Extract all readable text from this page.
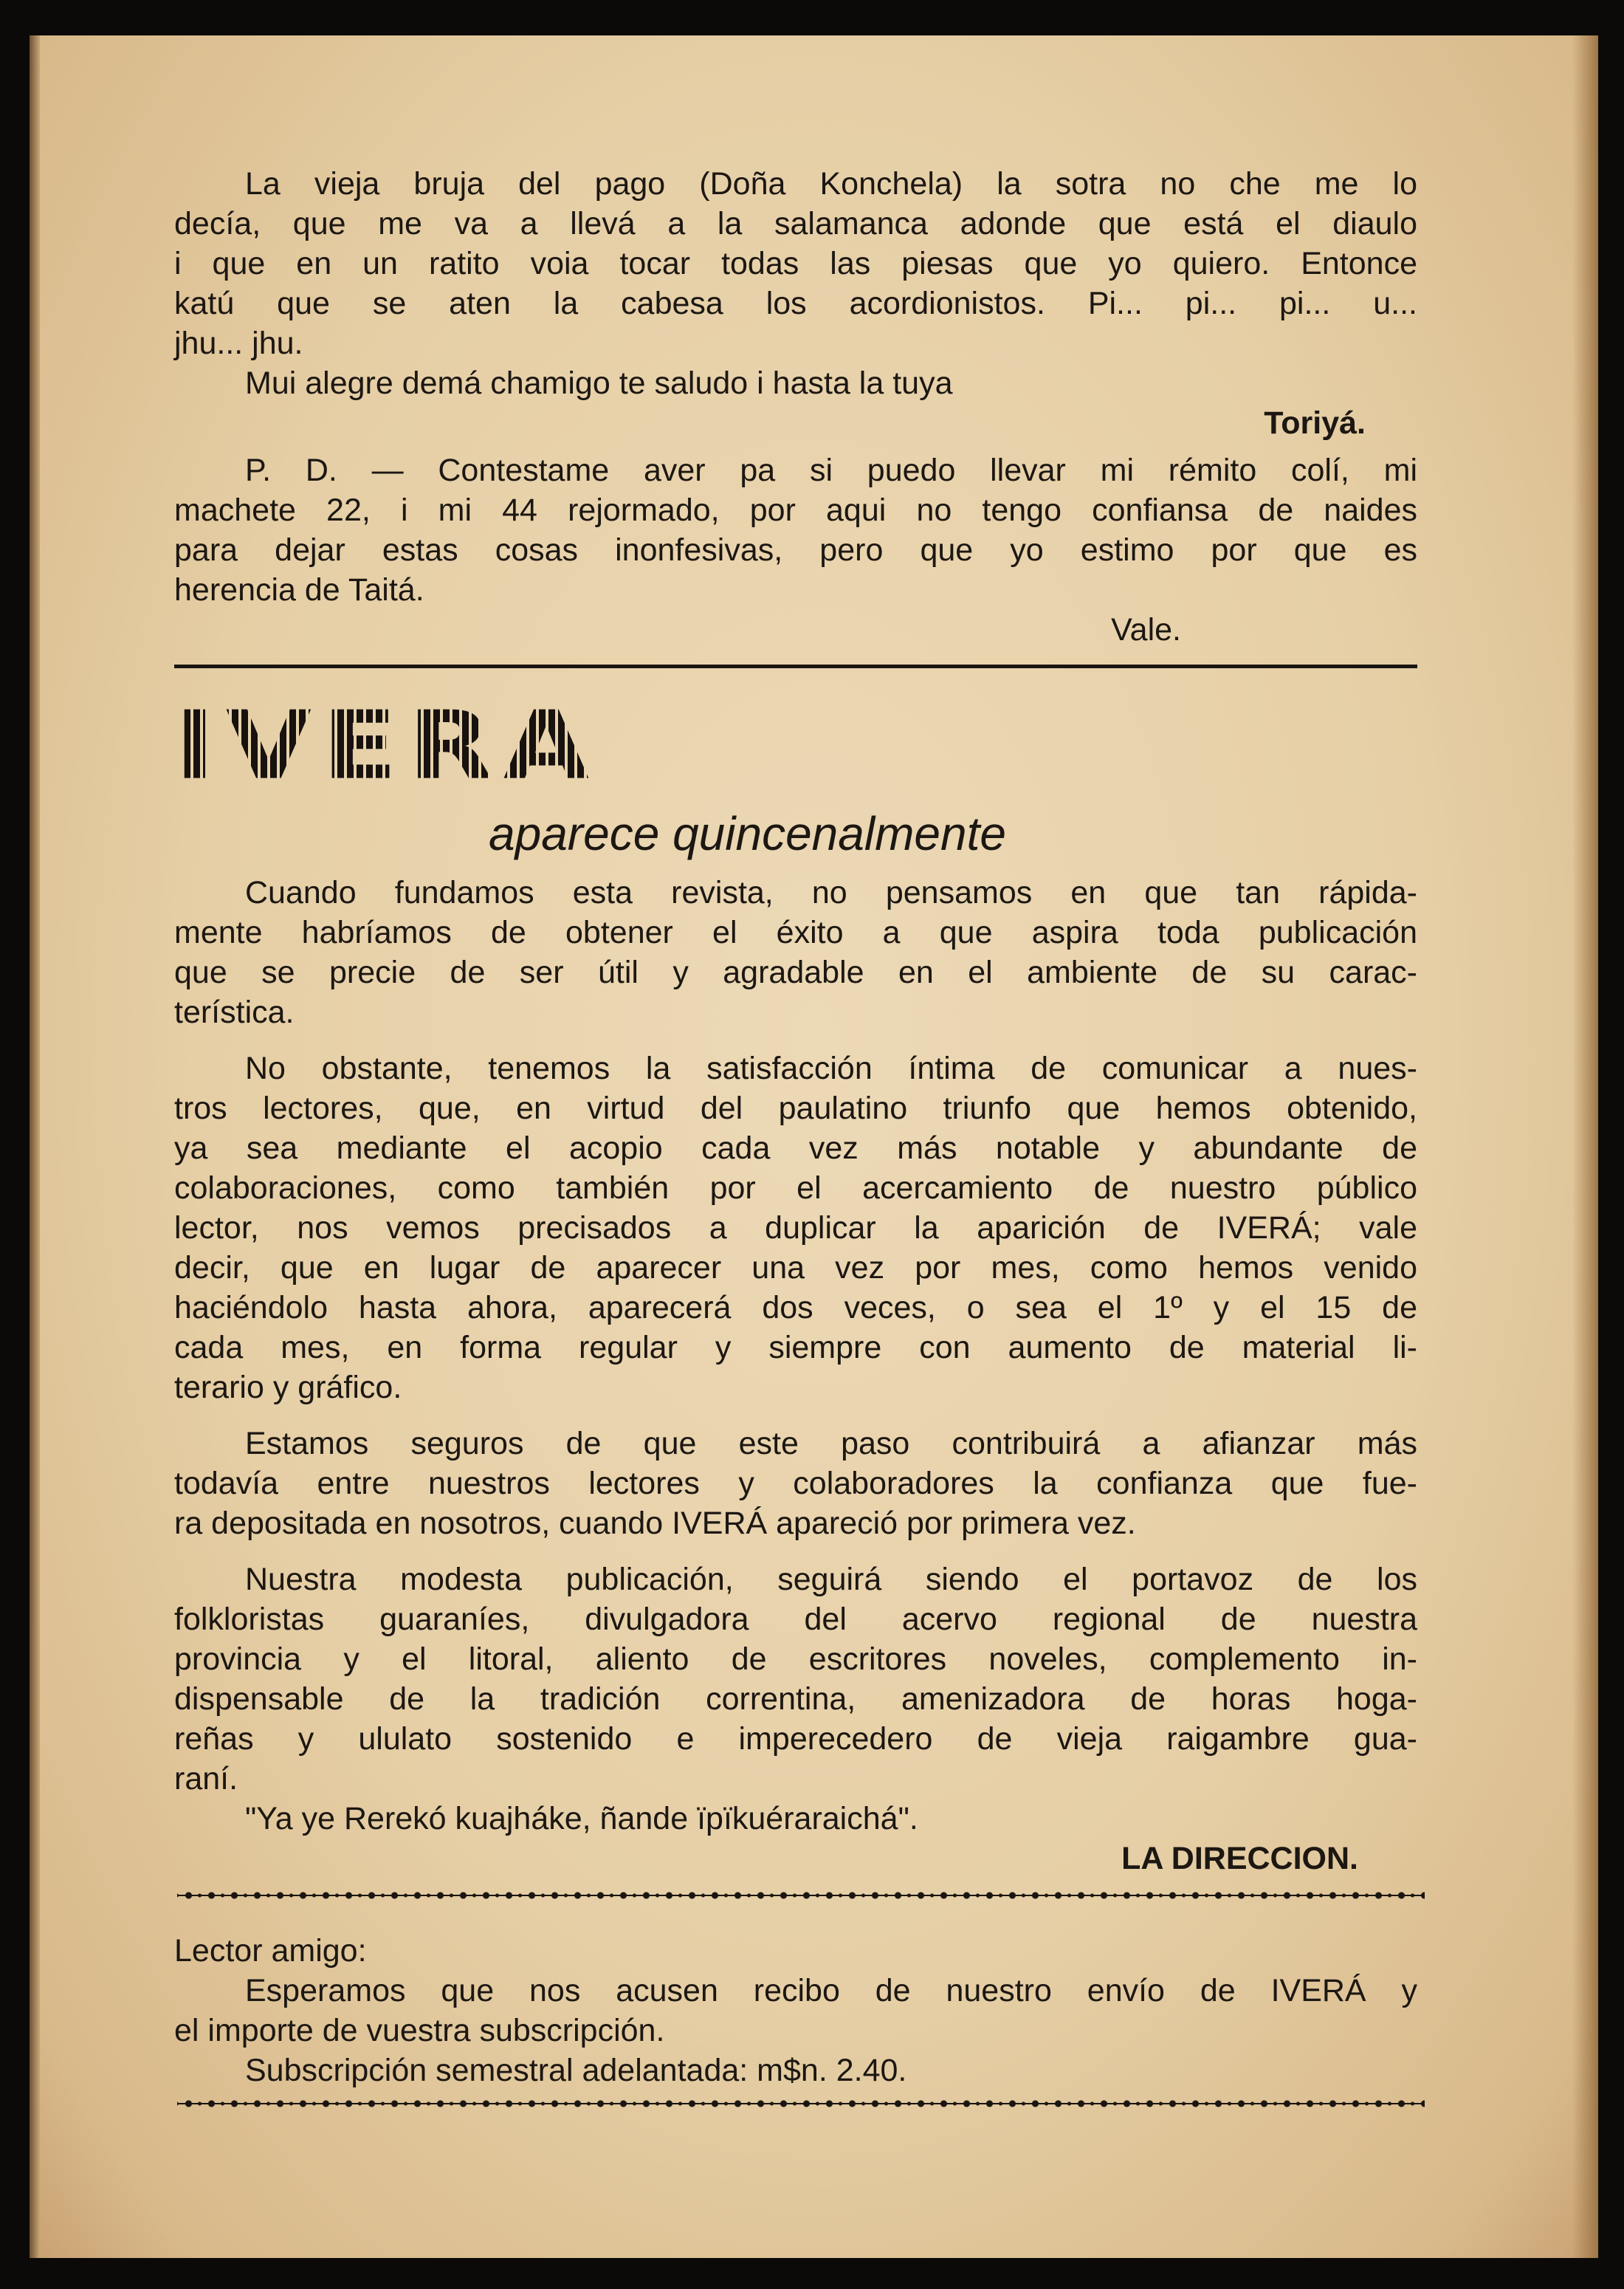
La vieja bruja del pago (Doña Konchela) la sotra no che me lo
decía, que me va a llevá a la salamanca adonde que está el diaulo
i que en un ratito voia tocar todas las piesas que yo quiero. Entonce
katú que se aten la cabesa los acordionistos. Pi... pi... pi... u...
jhu... jhu.
Mui alegre demá chamigo te saludo i hasta la tuya
Toriyá.
P. D. — Contestame aver pa si puedo llevar mi rémito colí, mi
machete 22, i mi 44 rejormado, por aqui no tengo confiansa de naides
para dejar estas cosas inonfesivas, pero que yo estimo por que es
herencia de Taitá.
Vale.
IVERA
aparece quincenalmente
Cuando fundamos esta revista, no pensamos en que tan rápida-
mente habríamos de obtener el éxito a que aspira toda publicación
que se precie de ser útil y agradable en el ambiente de su carac-
terística.
No obstante, tenemos la satisfacción íntima de comunicar a nues-
tros lectores, que, en virtud del paulatino triunfo que hemos obtenido,
ya sea mediante el acopio cada vez más notable y abundante de
colaboraciones, como también por el acercamiento de nuestro público
lector, nos vemos precisados a duplicar la aparición de IVERÁ; vale
decir, que en lugar de aparecer una vez por mes, como hemos venido
haciéndolo hasta ahora, aparecerá dos veces, o sea el 1º y el 15 de
cada mes, en forma regular y siempre con aumento de material li-
terario y gráfico.
Estamos seguros de que este paso contribuirá a afianzar más
todavía entre nuestros lectores y colaboradores la confianza que fue-
ra depositada en nosotros, cuando IVERÁ apareció por primera vez.
Nuestra modesta publicación, seguirá siendo el portavoz de los
folkloristas guaraníes, divulgadora del acervo regional de nuestra
provincia y el litoral, aliento de escritores noveles, complemento in-
dispensable de la tradición correntina, amenizadora de horas hoga-
reñas y ululato sostenido e imperecedero de vieja raigambre gua-
raní.
"Ya ye Rerekó kuajháke, ñande ïpïkuéraraichá".
LA DIRECCION.
Lector amigo:
Esperamos que nos acusen recibo de nuestro envío de IVERÁ y
el importe de vuestra subscripción.
Subscripción semestral adelantada: m$n. 2.40.
